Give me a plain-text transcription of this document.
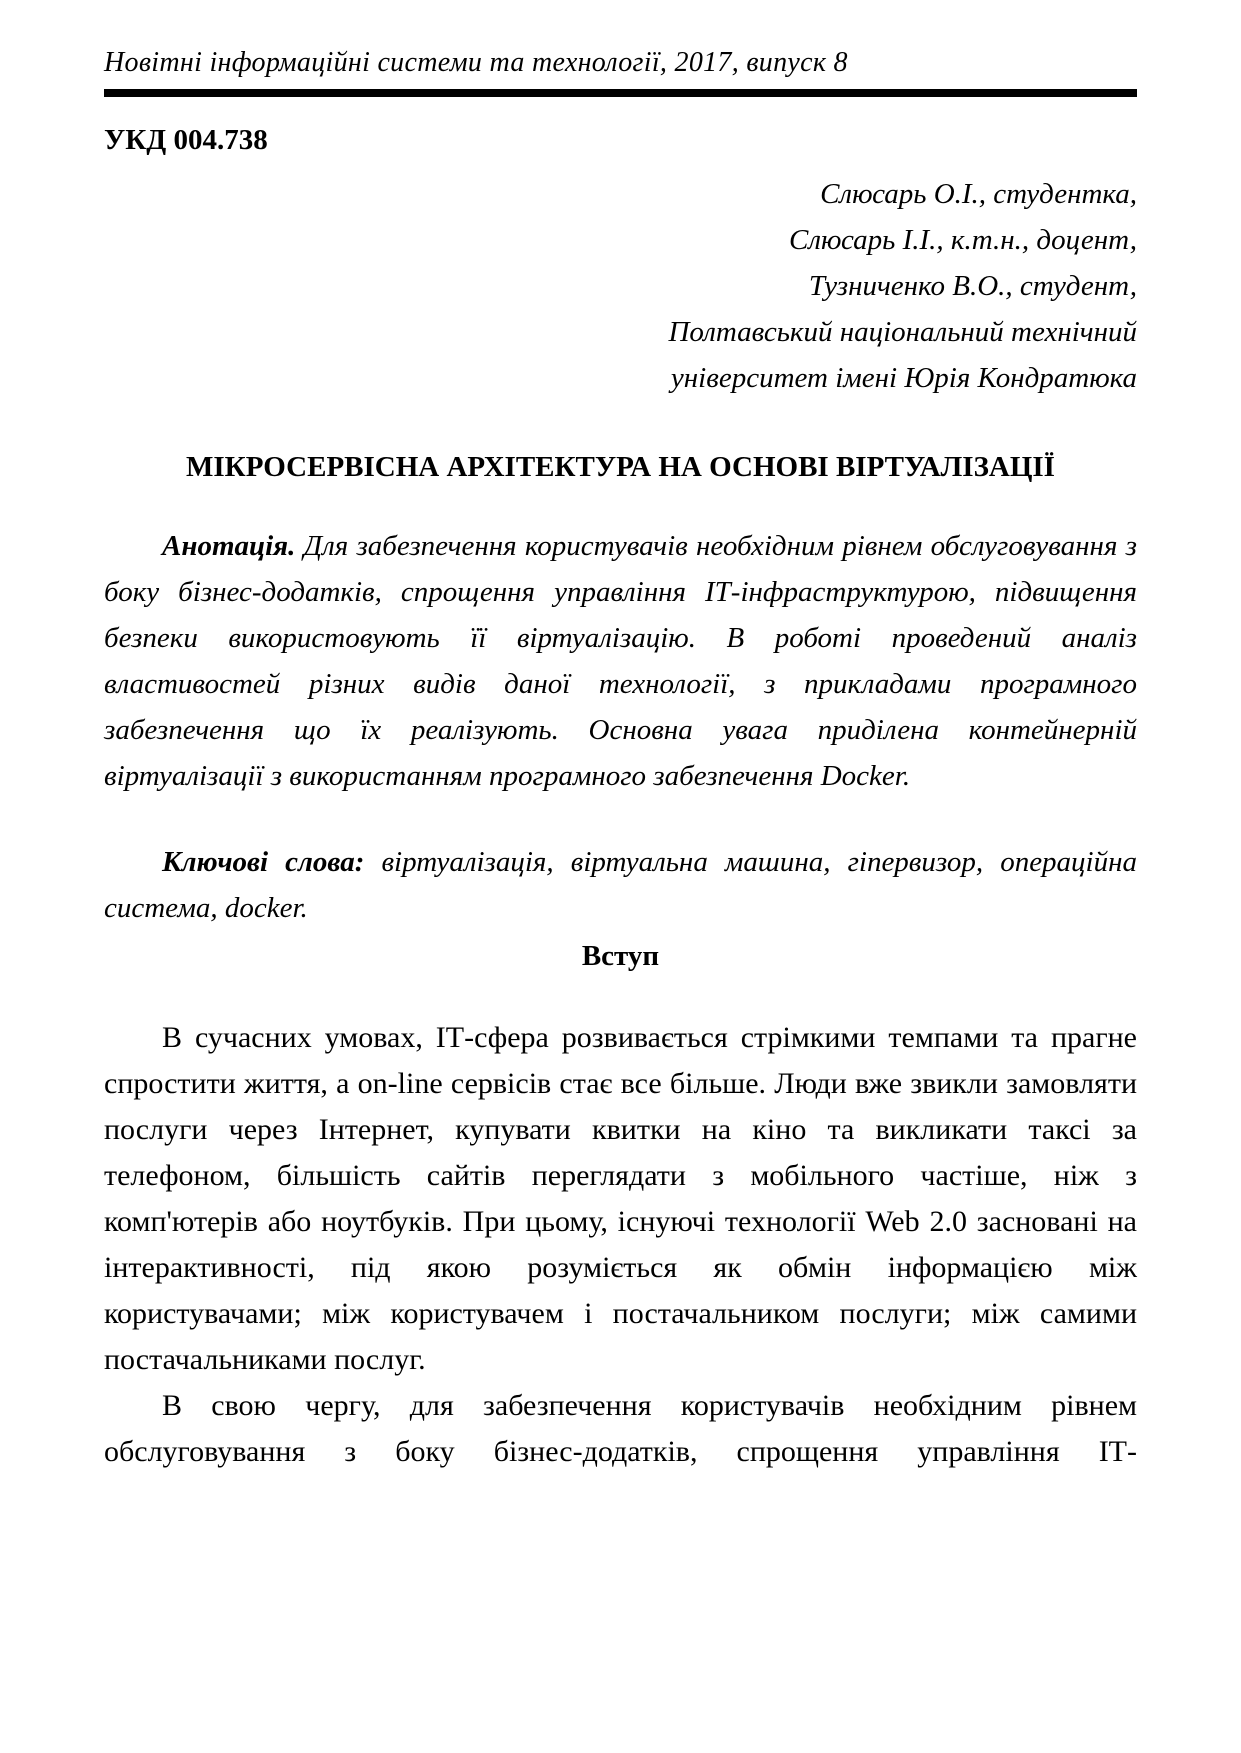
Новітні інформаційні системи та технології, 2017, випуск 8
УКД 004.738
Слюсарь О.І., студентка,
Слюсарь І.І., к.т.н., доцент,
Тузниченко В.О., студент,
Полтавський національний технічний
університет імені Юрія Кондратюка
МІКРОСЕРВІСНА АРХІТЕКТУРА НА ОСНОВІ ВІРТУАЛІЗАЦІЇ

Анотація. Для забезпечення користувачів необхідним рівнем обслуговування з боку бізнес-додатків, спрощення управління ІТ-інфраструктурою, підвищення безпеки використовують її віртуалізацію. В роботі проведений аналіз властивостей різних видів даної технології, з прикладами програмного забезпечення що їх реалізують. Основна увага приділена контейнерній віртуалізації з використанням програмного забезпечення Docker.

Ключові слова: віртуалізація, віртуальна машина, гіпервизор, операційна система, docker.

Вступ

В сучасних умовах, ІТ-сфера розвивається стрімкими темпами та прагне спростити життя, а on-line сервісів стає все більше. Люди вже звикли замовляти послуги через Інтернет, купувати квитки на кіно та викликати таксі за телефоном, більшість сайтів переглядати з мобільного частіше, ніж з комп'ютерів або ноутбуків. При цьому, існуючі технології Web 2.0 засновані на інтерактивності, під якою розуміється як обмін інформацією між користувачами; між користувачем і постачальником послуги; між самими постачальниками послуг.

В свою чергу, для забезпечення користувачів необхідним рівнем обслуговування з боку бізнес-додатків, спрощення управління ІТ-
